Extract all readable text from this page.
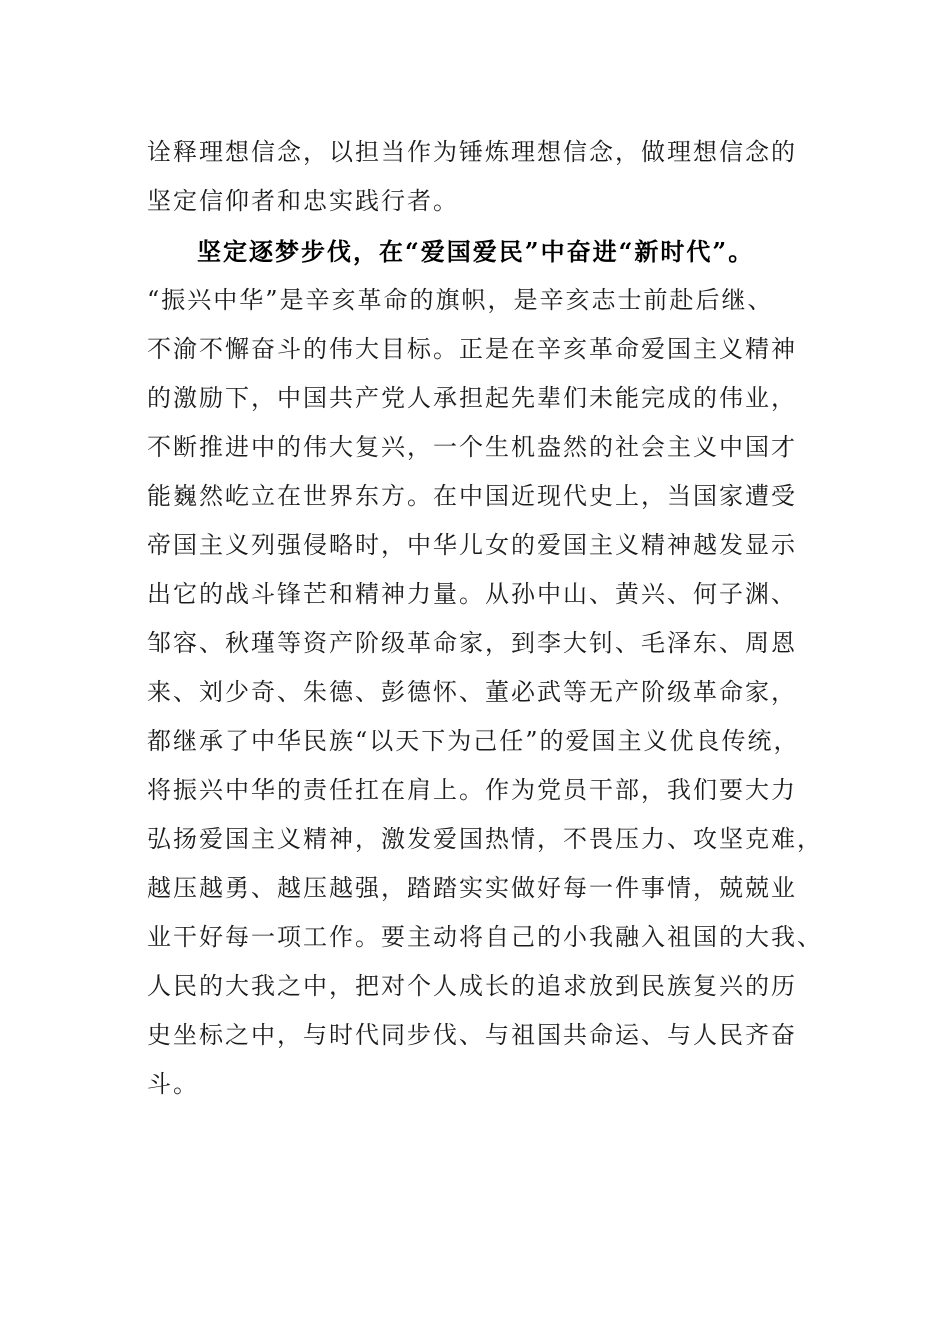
诠释理想信念，以担当作为锤炼理想信念，做理想信念的
坚定信仰者和忠实践行者。
坚定逐梦步伐，在“爱国爱民”中奋进“新时代”。
“振兴中华”是辛亥革命的旗帜，是辛亥志士前赴后继、
不渝不懈奋斗的伟大目标。正是在辛亥革命爱国主义精神
的激励下，中国共产党人承担起先辈们未能完成的伟业，
不断推进中的伟大复兴，一个生机盎然的社会主义中国才
能巍然屹立在世界东方。在中国近现代史上，当国家遭受
帝国主义列强侵略时，中华儿女的爱国主义精神越发显示
出它的战斗锋芒和精神力量。从孙中山、黄兴、何子渊、
邹容、秋瑾等资产阶级革命家，到李大钊、毛泽东、周恩
来、刘少奇、朱德、彭德怀、董必武等无产阶级革命家，
都继承了中华民族“以天下为己任”的爱国主义优良传统，
将振兴中华的责任扛在肩上。作为党员干部，我们要大力
弘扬爱国主义精神，激发爱国热情，不畏压力、攻坚克难，
越压越勇、越压越强，踏踏实实做好每一件事情，兢兢业
业干好每一项工作。要主动将自己的小我融入祖国的大我、
人民的大我之中，把对个人成长的追求放到民族复兴的历
史坐标之中，与时代同步伐、与祖国共命运、与人民齐奋
斗。
